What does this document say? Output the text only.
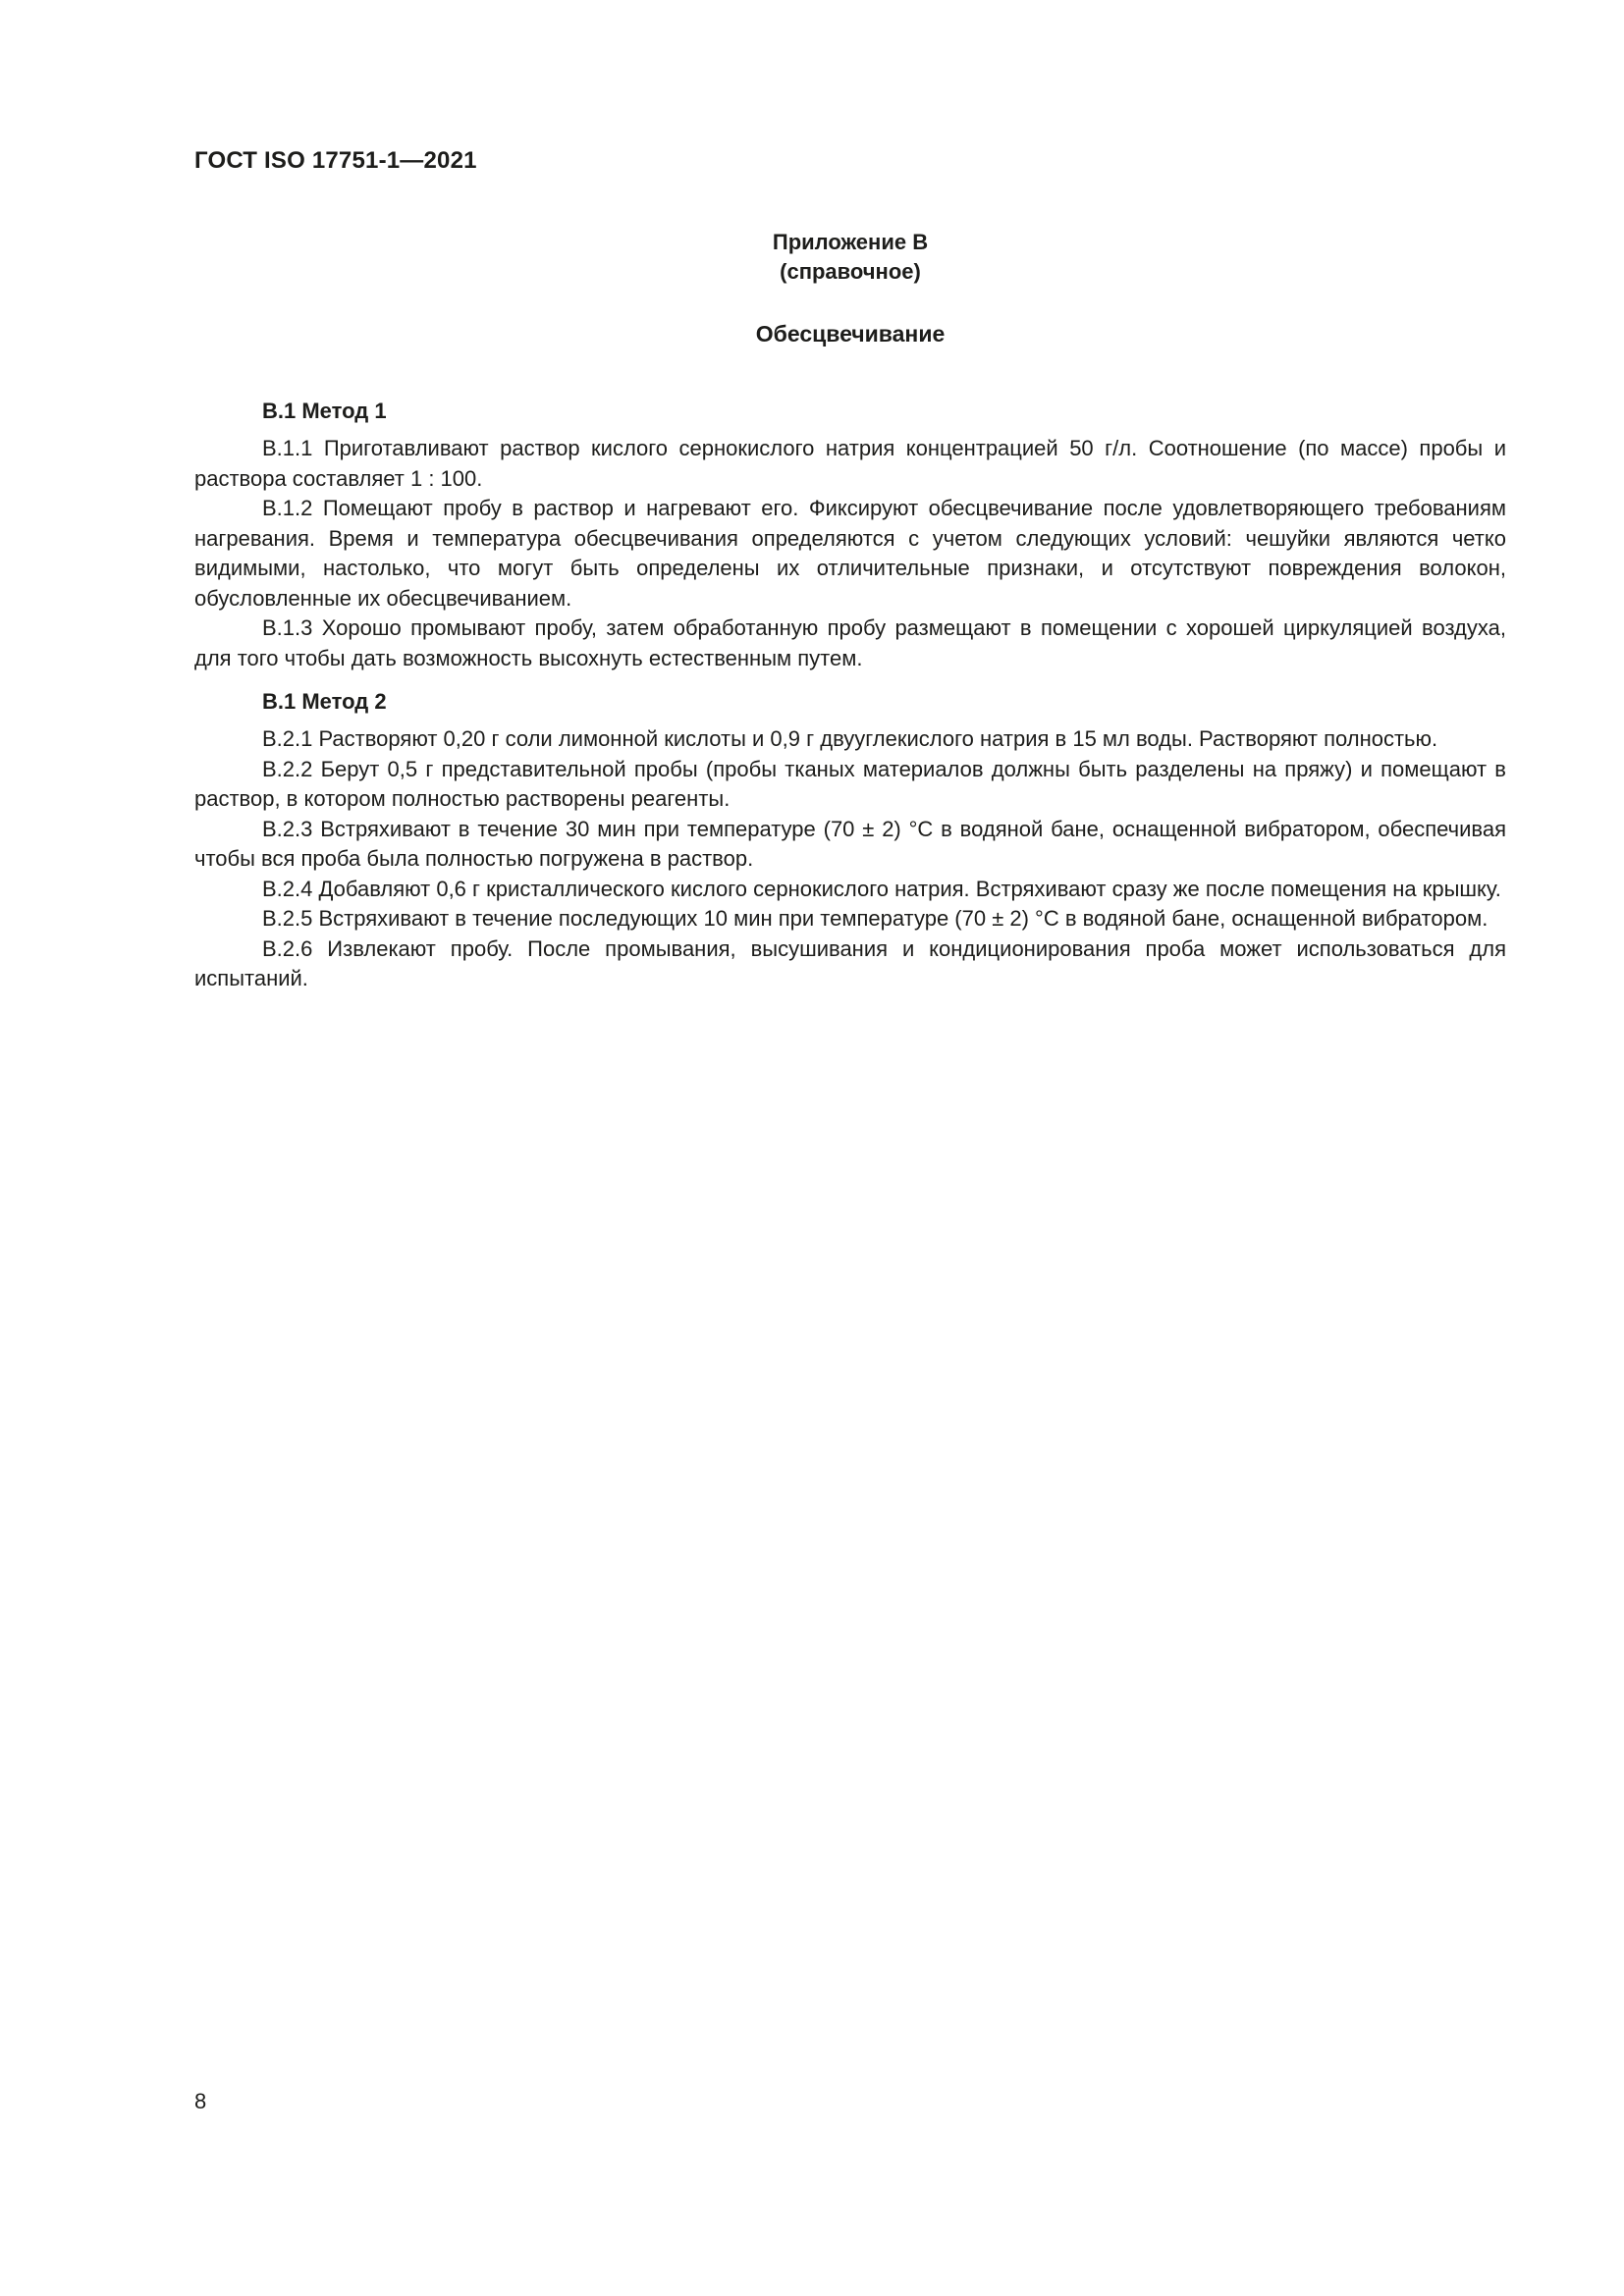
ГОСТ ISO 17751-1—2021
Приложение В
(справочное)
Обесцвечивание
В.1 Метод 1

В.1.1 Приготавливают раствор кислого сернокислого натрия концентрацией 50 г/л. Соотношение (по массе) пробы и раствора составляет 1 : 100.

В.1.2 Помещают пробу в раствор и нагревают его. Фиксируют обесцвечивание после удовлетворяющего требованиям нагревания. Время и температура обесцвечивания определяются с учетом следующих условий: чешуйки являются четко видимыми, настолько, что могут быть определены их отличительные признаки, и отсутствуют повреждения волокон, обусловленные их обесцвечиванием.

В.1.3 Хорошо промывают пробу, затем обработанную пробу размещают в помещении с хорошей циркуляцией воздуха, для того чтобы дать возможность высохнуть естественным путем.

В.1 Метод 2

В.2.1 Растворяют 0,20 г соли лимонной кислоты и 0,9 г двууглекислого натрия в 15 мл воды. Растворяют полностью.

В.2.2 Берут 0,5 г представительной пробы (пробы тканых материалов должны быть разделены на пряжу) и помещают в раствор, в котором полностью растворены реагенты.

В.2.3 Встряхивают в течение 30 мин при температуре (70 ± 2) °С в водяной бане, оснащенной вибратором, обеспечивая чтобы вся проба была полностью погружена в раствор.

В.2.4 Добавляют 0,6 г кристаллического кислого сернокислого натрия. Встряхивают сразу же после помещения на крышку.

В.2.5 Встряхивают в течение последующих 10 мин при температуре (70 ± 2) °С в водяной бане, оснащенной вибратором.

В.2.6 Извлекают пробу. После промывания, высушивания и кондиционирования проба может использоваться для испытаний.

8
